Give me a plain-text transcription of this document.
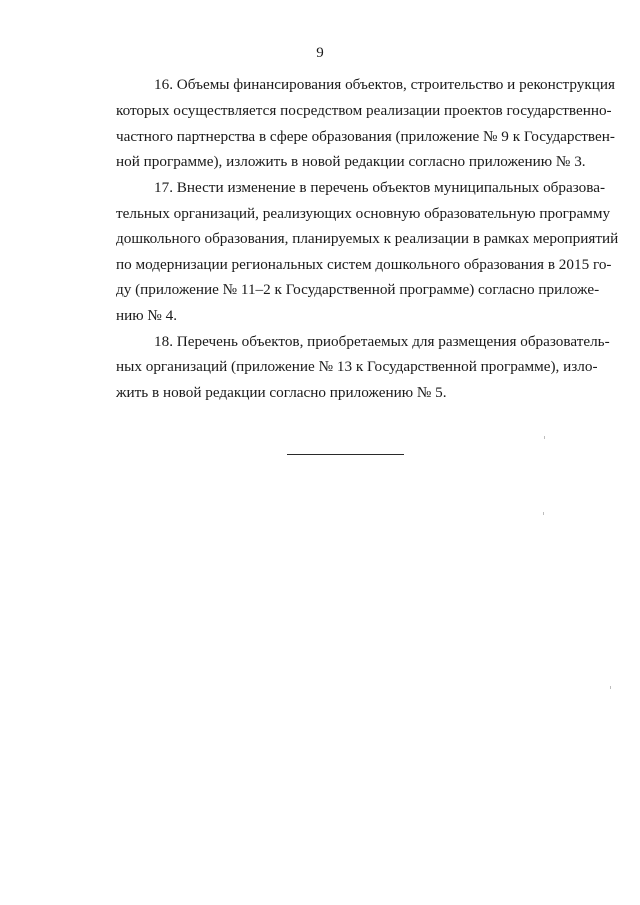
9
16. Объемы финансирования объектов, строительство и реконструкция
которых осуществляется посредством реализации проектов государственно-
частного партнерства в сфере образования (приложение № 9 к Государствен-
ной программе), изложить в новой редакции согласно приложению № 3.
17. Внести изменение в перечень объектов муниципальных образова-
тельных организаций, реализующих основную образовательную программу
дошкольного образования, планируемых к реализации в рамках мероприятий
по модернизации региональных систем дошкольного образования в 2015 го-
ду (приложение № 11–2 к Государственной программе) согласно приложе-
нию № 4.
18. Перечень объектов, приобретаемых для размещения образователь-
ных организаций (приложение № 13 к Государственной программе), изло-
жить в новой редакции согласно приложению № 5.
